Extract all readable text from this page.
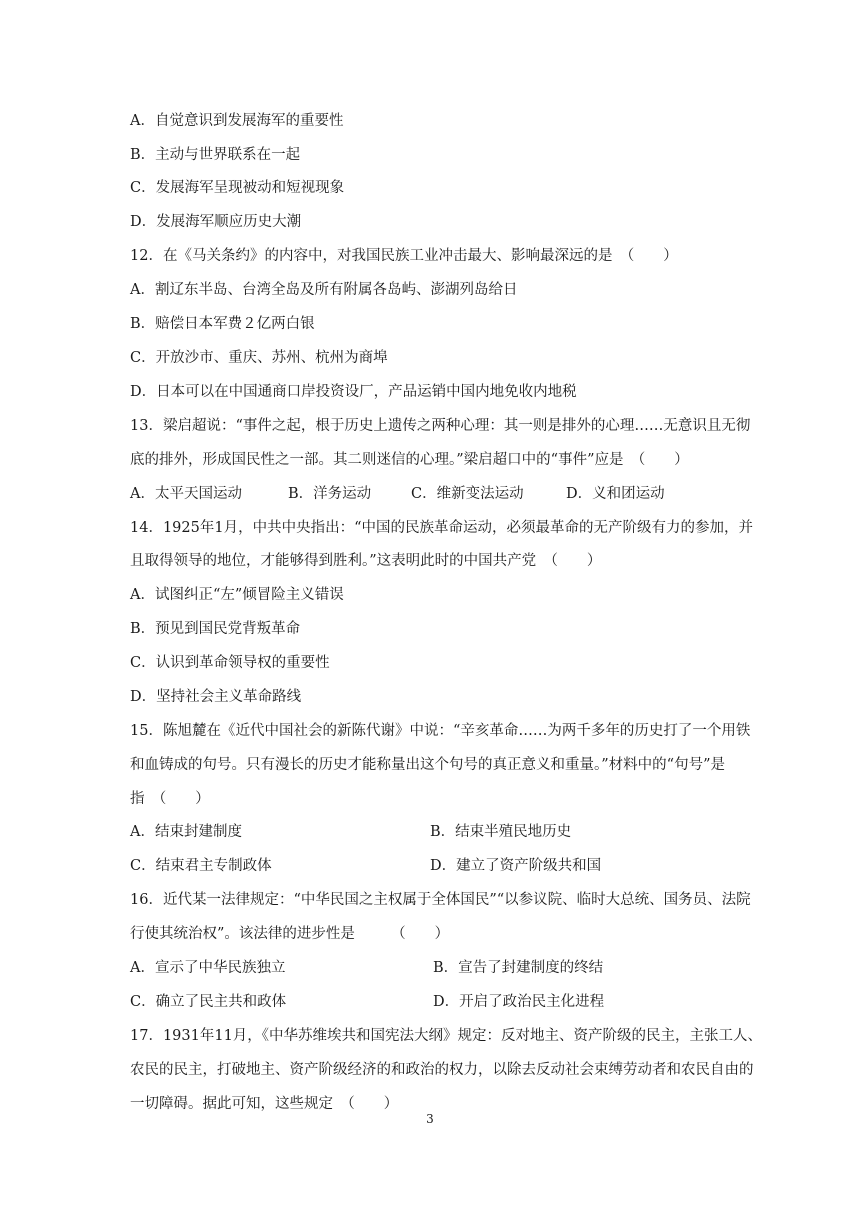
A．自觉意识到发展海军的重要性
B．主动与世界联系在一起
C．发展海军呈现被动和短视现象
D．发展海军顺应历史大潮
12．在《马关条约》的内容中，对我国民族工业冲击最大、影响最深远的是　（　　）
A．割辽东半岛、台湾全岛及所有附属各岛屿、澎湖列岛给日
B．赔偿日本军费２亿两白银
C．开放沙市、重庆、苏州、杭州为商埠
D．日本可以在中国通商口岸投资设厂，产品运销中国内地免收内地税
13．梁启超说：“事件之起，根于历史上遗传之两种心理：其一则是排外的心理……无意识且无彻
底的排外，形成国民性之一部。其二则迷信的心理。”梁启超口中的“事件”应是　（　　）
A．太平天国运动	B．洋务运动	C．维新变法运动	D．义和团运动
14．1925年1月，中共中央指出：“中国的民族革命运动，必须最革命的无产阶级有力的参加，并
且取得领导的地位，才能够得到胜利。”这表明此时的中国共产党　（　　）
A．试图纠正“左”倾冒险主义错误
B．预见到国民党背叛革命
C．认识到革命领导权的重要性
D．坚持社会主义革命路线
15．陈旭麓在《近代中国社会的新陈代谢》中说：“辛亥革命……为两千多年的历史打了一个用铁
和血铸成的句号。只有漫长的历史才能称量出这个句号的真正意义和重量。”材料中的“句号”是
指　（　　）
A．结束封建制度	B．结束半殖民地历史
C．结束君主专制政体	D．建立了资产阶级共和国
16．近代某一法律规定：“中华民国之主权属于全体国民”“以参议院、临时大总统、国务员、法院
行使其统治权”。该法律的进步性是　　　（　　）
A．宣示了中华民族独立	B．宣告了封建制度的终结
C．确立了民主共和政体	D．开启了政治民主化进程
17．1931年11月，《中华苏维埃共和国宪法大纲》规定：反对地主、资产阶级的民主，主张工人、
农民的民主，打破地主、资产阶级经济的和政治的权力，以除去反动社会束缚劳动者和农民自由的
一切障碍。据此可知，这些规定　（　　）
3
